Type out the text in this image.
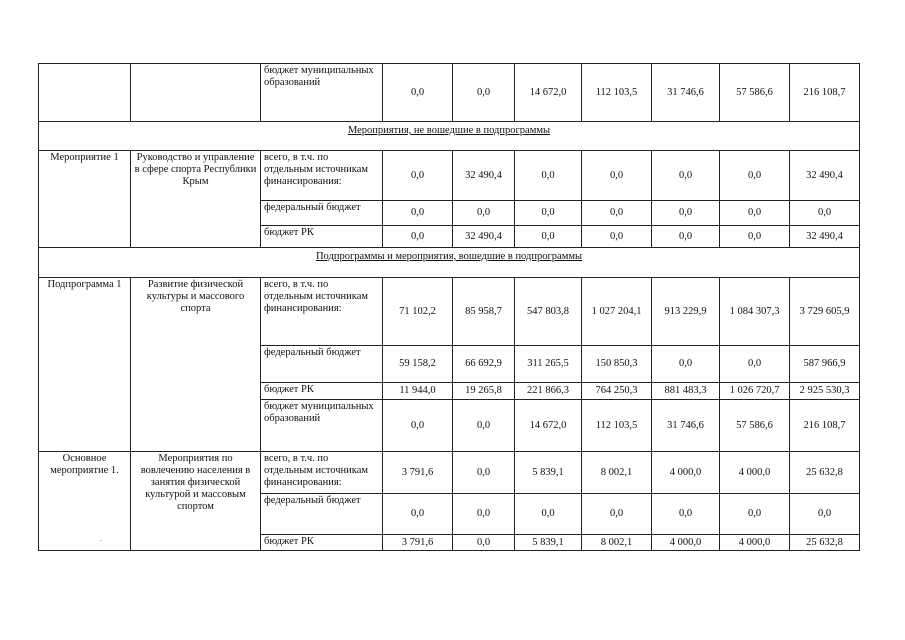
		бюджет муниципальных образований	0,0	0,0	14 672,0	112 103,5	31 746,6	57 586,6	216 108,7
Мероприятия, не вошедшие в подпрограммы									
Мероприятие 1	Руководство и управление в сфере спорта Республики Крым	всего, в т.ч. по отдельным источникам финансирования:	0,0	32 490,4	0,0	0,0	0,0	0,0	32 490,4
		федеральный бюджет	0,0	0,0	0,0	0,0	0,0	0,0	0,0
		бюджет РК	0,0	32 490,4	0,0	0,0	0,0	0,0	32 490,4
Подпрограммы и мероприятия, вошедшие в подпрограммы									
Подпрограмма 1	Развитие физической культуры и массового спорта	всего, в т.ч. по отдельным источникам финансирования:	71 102,2	85 958,7	547 803,8	1 027 204,1	913 229,9	1 084 307,3	3 729 605,9
		федеральный бюджет	59 158,2	66 692,9	311 265,5	150 850,3	0,0	0,0	587 966,9
		бюджет РК	11 944,0	19 265,8	221 866,3	764 250,3	881 483,3	1 026 720,7	2 925 530,3
		бюджет муниципальных образований	0,0	0,0	14 672,0	112 103,5	31 746,6	57 586,6	216 108,7
Основное мероприятие 1.	Мероприятия по вовлечению населения в занятия физической культурой и массовым спортом	всего, в т.ч. по отдельным источникам финансирования:	3 791,6	0,0	5 839,1	8 002,1	4 000,0	4 000,0	25 632,8
		федеральный бюджет	0,0	0,0	0,0	0,0	0,0	0,0	0,0
		бюджет РК	3 791,6	0,0	5 839,1	8 002,1	4 000,0	4 000,0	25 632,8
⸳
